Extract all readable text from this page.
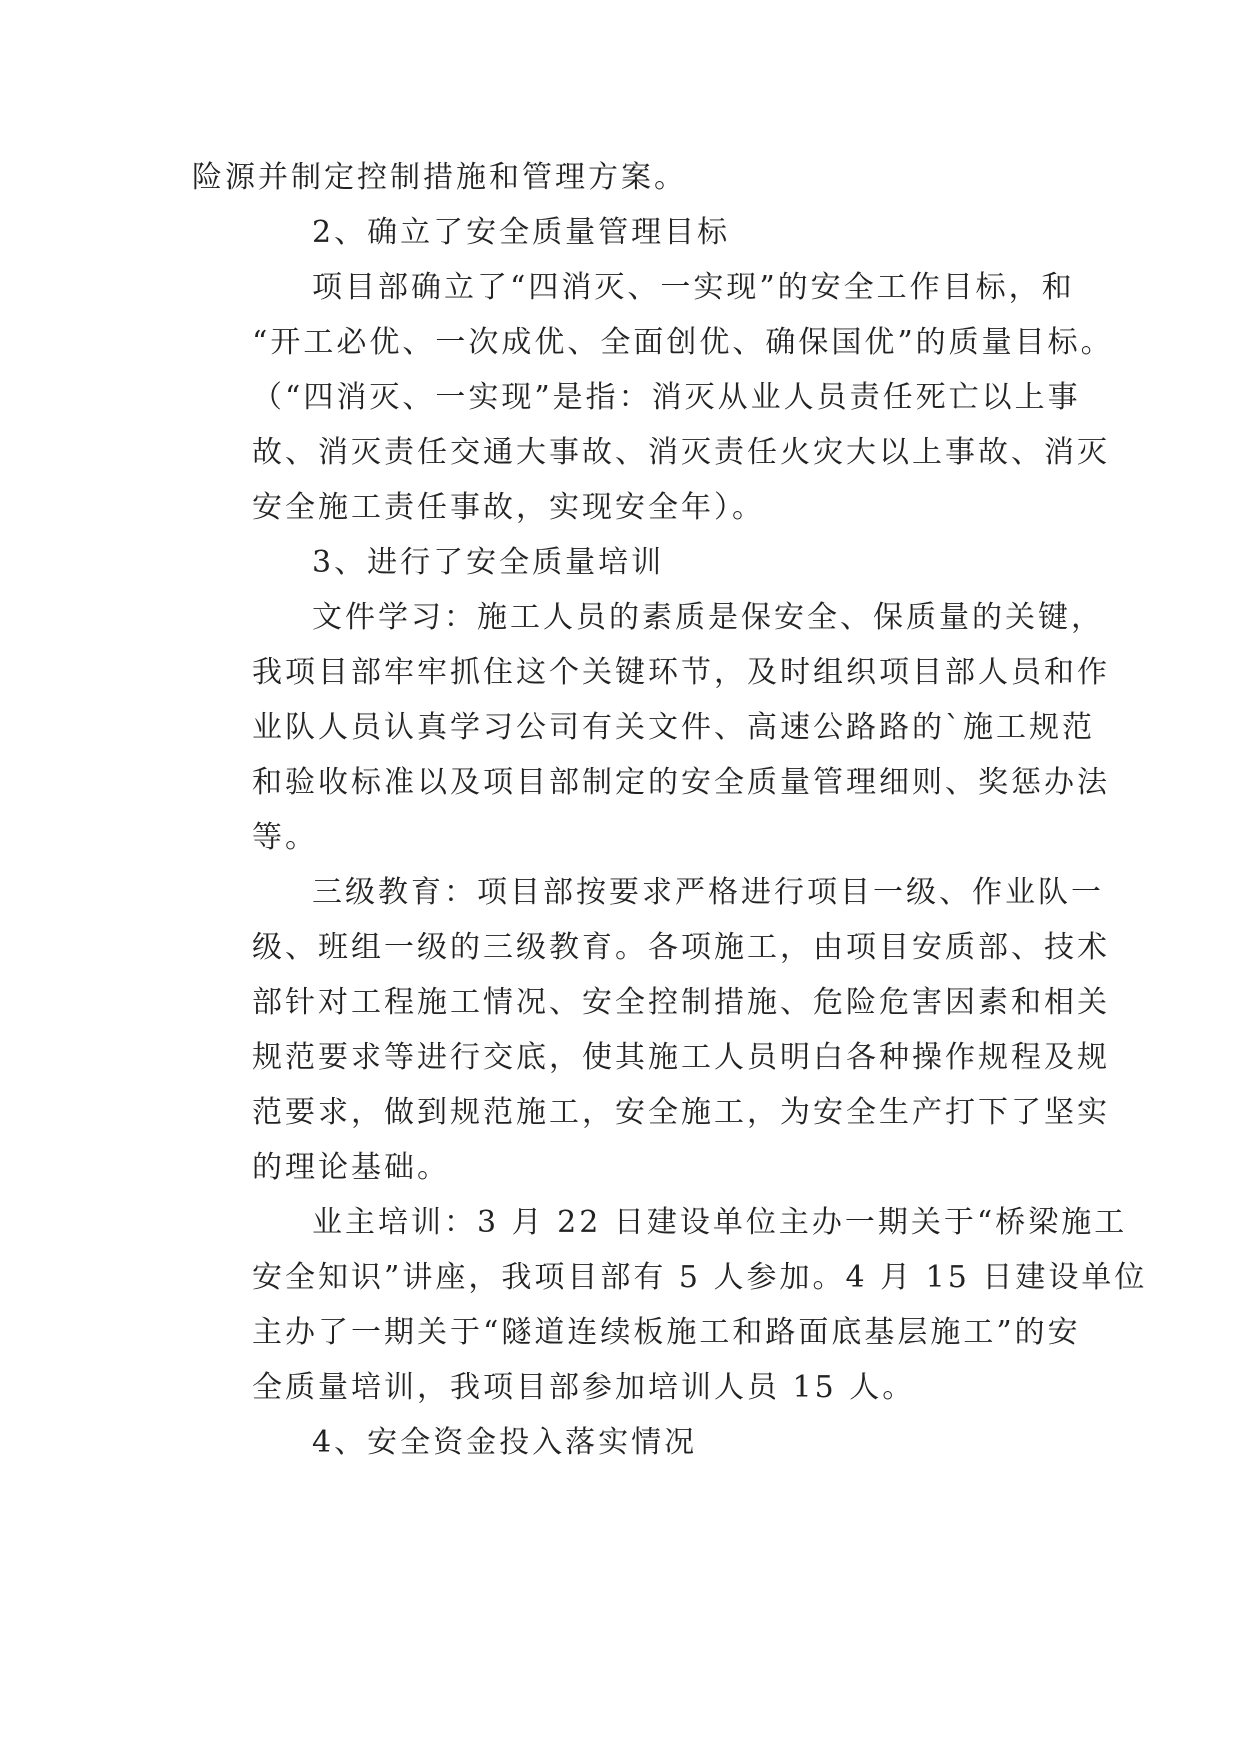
险源并制定控制措施和管理方案。
2、确立了安全质量管理目标
项目部确立了“四消灭、一实现”的安全工作目标，和
“开工必优、一次成优、全面创优、确保国优”的质量目标。
（“四消灭、一实现”是指：消灭从业人员责任死亡以上事
故、消灭责任交通大事故、消灭责任火灾大以上事故、消灭
安全施工责任事故，实现安全年）。
3、进行了安全质量培训
文件学习：施工人员的素质是保安全、保质量的关键，
我项目部牢牢抓住这个关键环节，及时组织项目部人员和作
业队人员认真学习公司有关文件、高速公路路的`施工规范
和验收标准以及项目部制定的安全质量管理细则、奖惩办法
等。
三级教育：项目部按要求严格进行项目一级、作业队一
级、班组一级的三级教育。各项施工，由项目安质部、技术
部针对工程施工情况、安全控制措施、危险危害因素和相关
规范要求等进行交底，使其施工人员明白各种操作规程及规
范要求，做到规范施工，安全施工，为安全生产打下了坚实
的理论基础。
业主培训：3 月 22 日建设单位主办一期关于“桥梁施工
安全知识”讲座，我项目部有 5 人参加。4 月 15 日建设单位
主办了一期关于“隧道连续板施工和路面底基层施工”的安
全质量培训，我项目部参加培训人员 15 人。
4、安全资金投入落实情况
